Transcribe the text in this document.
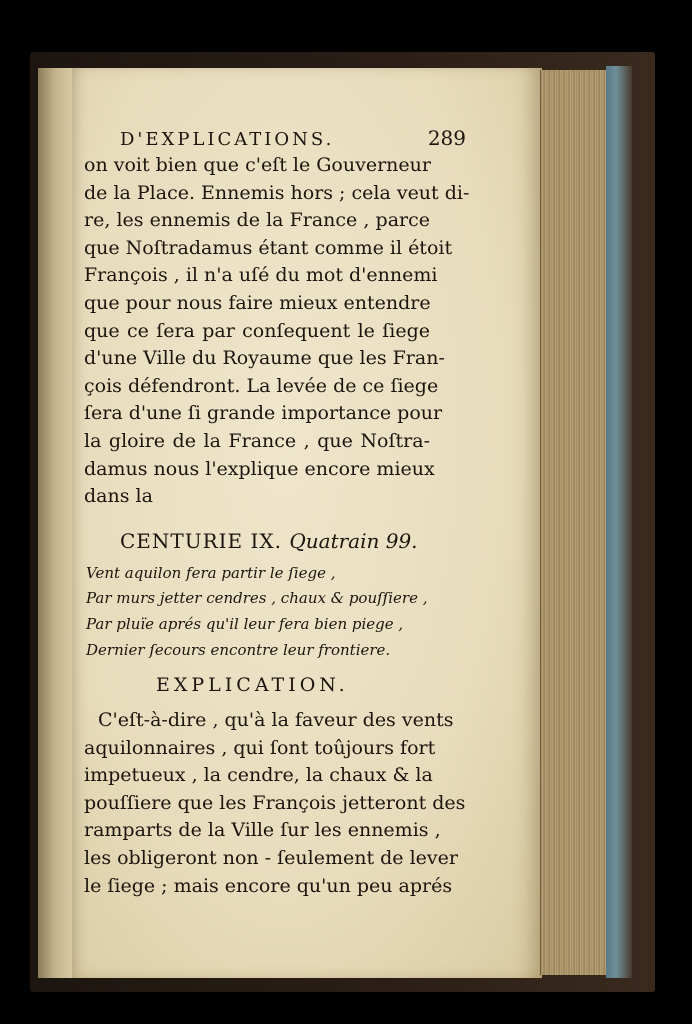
D'EXPLICATIONS.	289
on voit bien que c'eſt le Gouverneur
de la Place. Ennemis hors ; cela veut di-
re, les ennemis de la France , parce
que Noſtradamus étant comme il étoit
François , il n'a uſé du mot d'ennemi
que pour nous faire mieux entendre
que ce ſera par conſequent le ſiege
d'une Ville du Royaume que les Fran-
çois défendront. La levée de ce ſiege
ſera d'une ſi grande importance pour
la gloire de la France , que Noſtra-
damus nous l'explique encore mieux
dans la
CENTURIE IX. Quatrain 99.
Vent aquilon fera partir le ſiege ,
Par murs jetter cendres , chaux & pouſſiere ,
Par pluïe aprés qu'il leur fera bien piege ,
Dernier ſecours encontre leur frontiere.
EXPLICATION.
C'eſt-à-dire , qu'à la faveur des vents
aquilonnaires , qui ſont toûjours fort
impetueux , la cendre, la chaux & la
pouſſiere que les François jetteront des
ramparts de la Ville ſur les ennemis ,
les obligeront non - ſeulement de lever
le ſiege ; mais encore qu'un peu aprés
